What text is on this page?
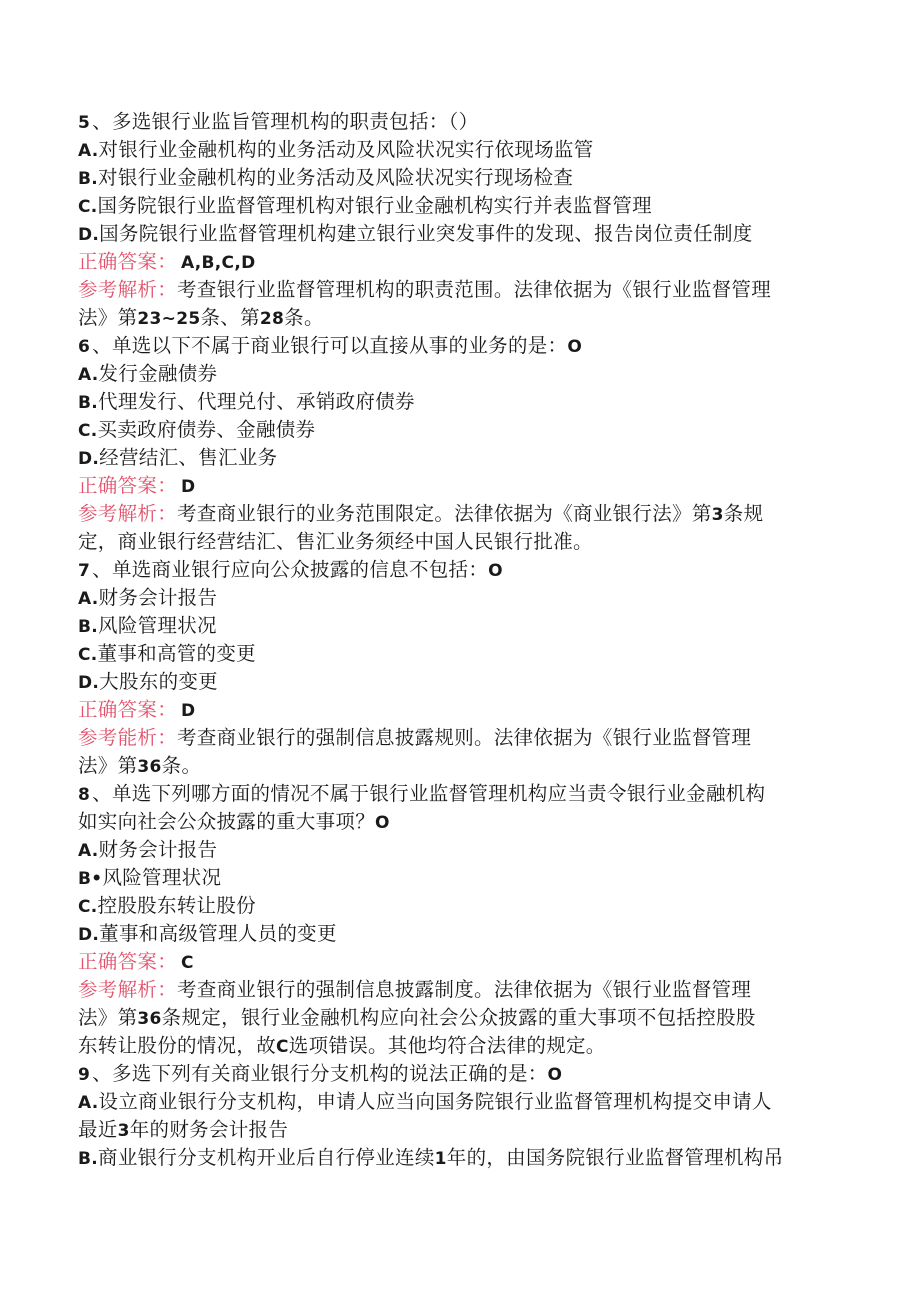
5 、多选银行业监旨管理机构的职责包括：（）
A.对银行业金融机构的业务活动及风险状况实行依现场监管
B.对银行业金融机构的业务活动及风险状况实行现场检查
C.国务院银行业监督管理机构对银行业金融机构实行并表监督管理
D.国务院银行业监督管理机构建立银行业突发事件的发现、报告岗位责任制度
正确答案： A,B,C,D
参考解析：考查银行业监督管理机构的职责范围。法律依据为《银行业监督管理
法》第23~25条、第28条。
6 、单选以下不属于商业银行可以直接从事的业务的是：O
A.发行金融债券
B.代理发行、代理兑付、承销政府债券
C.买卖政府债券、金融债券
D.经营结汇、售汇业务
正确答案： D
参考解析：考查商业银行的业务范围限定。法律依据为《商业银行法》第3条规
定，商业银行经营结汇、售汇业务须经中国人民银行批准。
7 、单选商业银行应向公众披露的信息不包括：O
A.财务会计报告
B.风险管理状况
C.董事和高管的变更
D.大股东的变更
正确答案： D
参考能析：考查商业银行的强制信息披露规则。法律依据为《银行业监督管理
法》第36条。
8 、单选下列哪方面的情况不属于银行业监督管理机构应当责令银行业金融机构
如实向社会公众披露的重大事项？O
A.财务会计报告
B•风险管理状况
C.控股股东转让股份
D.董事和高级管理人员的变更
正确答案： C
参考解析：考查商业银行的强制信息披露制度。法律依据为《银行业监督管理
法》第36条规定，银行业金融机构应向社会公众披露的重大事项不包括控股股
东转让股份的情况，故C选项错误。其他均符合法律的规定。
9 、多选下列有关商业银行分支机构的说法正确的是：O
A.设立商业银行分支机构，申请人应当向国务院银行业监督管理机构提交申请人
最近3年的财务会计报告
B.商业银行分支机构开业后自行停业连续1年的，由国务院银行业监督管理机构吊
